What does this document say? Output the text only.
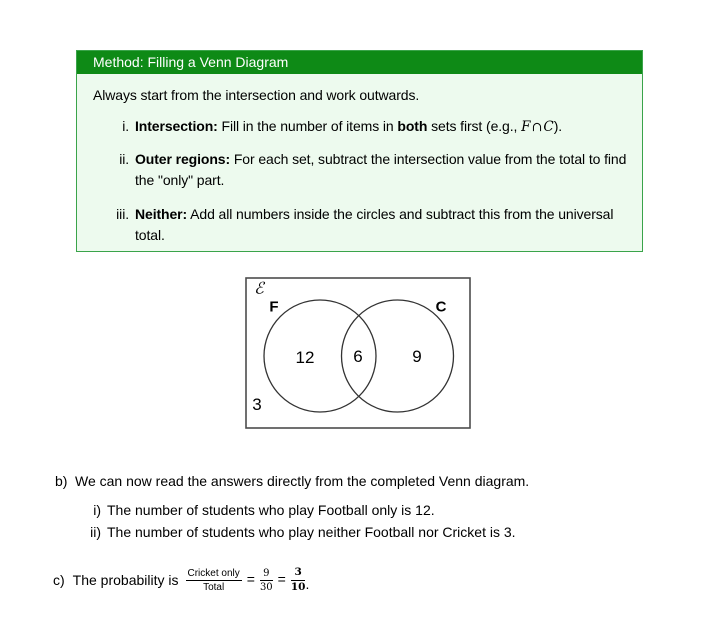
Method: Filling a Venn Diagram

Always start from the intersection and work outwards.

i. Intersection: Fill in the number of items in both sets first (e.g., F∩C).
ii. Outer regions: For each set, subtract the intersection value from the total to find the "only" part.
iii. Neither: Add all numbers inside the circles and subtract this from the universal total.
ℰ
F	C
12 6	9
3
b) We can now read the answers directly from the completed Venn diagram.
i) The number of students who play Football only is 12.
ii) The number of students who play neither Football nor Cricket is 3.
c) The probability is $\frac{\text{Cricket only}}{\text{Total}} = \frac{9}{30} = \frac{3}{10}$ .
